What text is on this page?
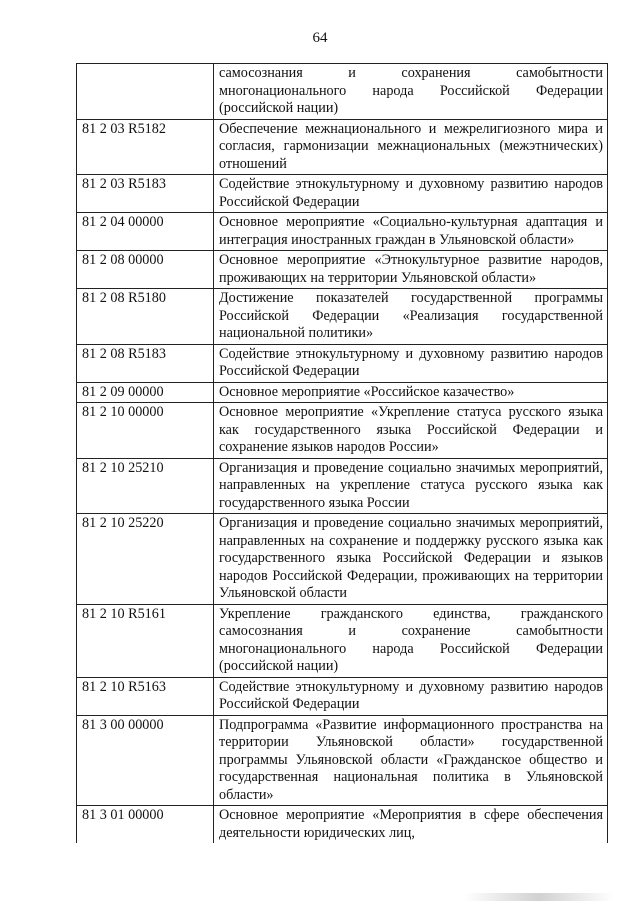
64
	самосознания и сохранения самобытности многонационального народа Российской Федерации (российской нации)
81 2 03 R5182	Обеспечение межнационального и межрелигиозного мира и согласия, гармонизации межнациональных (межэтнических) отношений
81 2 03 R5183	Содействие этнокультурному и духовному развитию народов Российской Федерации
81 2 04 00000	Основное мероприятие «Социально-культурная адаптация и интеграция иностранных граждан в Ульяновской области»
81 2 08 00000	Основное мероприятие «Этнокультурное развитие народов, проживающих на территории Ульяновской области»
81 2 08 R5180	Достижение показателей государственной программы Российской Федерации «Реализация государственной национальной политики»
81 2 08 R5183	Содействие этнокультурному и духовному развитию народов Российской Федерации
81 2 09 00000	Основное мероприятие «Российское казачество»
81 2 10 00000	Основное мероприятие «Укрепление статуса русского языка как государственного языка Российской Федерации и сохранение языков народов России»
81 2 10 25210	Организация и проведение социально значимых мероприятий, направленных на укрепление статуса русского языка как государственного языка России
81 2 10 25220	Организация и проведение социально значимых мероприятий, направленных на сохранение и поддержку русского языка как государственного языка Российской Федерации и языков народов Российской Федерации, проживающих на территории Ульяновской области
81 2 10 R5161	Укрепление гражданского единства, гражданского самосознания и сохранение самобытности многонационального народа Российской Федерации (российской нации)
81 2 10 R5163	Содействие этнокультурному и духовному развитию народов Российской Федерации
81 3 00 00000	Подпрограмма «Развитие информационного пространства на территории Ульяновской области» государственной программы Ульяновской области «Гражданское общество и государственная национальная политика в Ульяновской области»
81 3 01 00000	Основное мероприятие «Мероприятия в сфере обеспечения деятельности юридических лиц,
